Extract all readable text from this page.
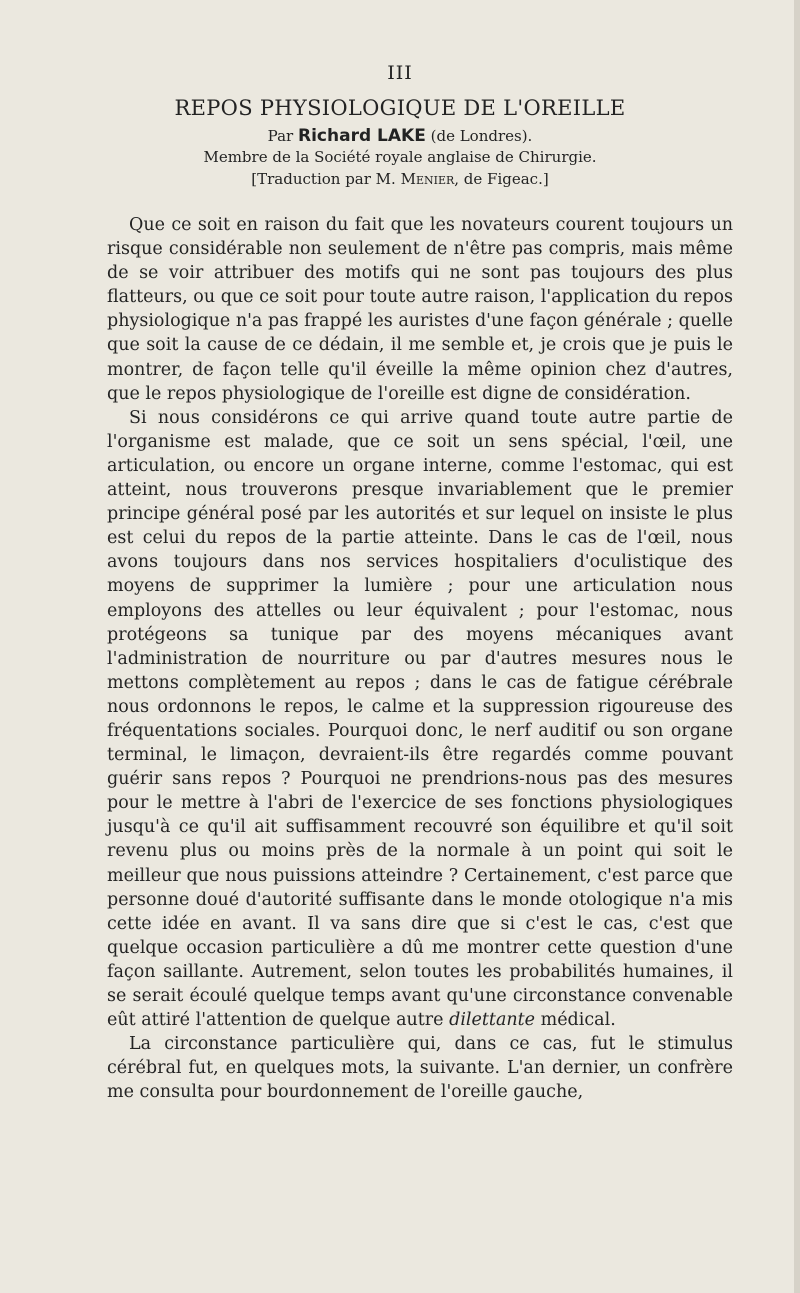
III
REPOS PHYSIOLOGIQUE DE L'OREILLE
Par Richard LAKE (de Londres).
Membre de la Société royale anglaise de Chirurgie.
[Traduction par M. Menier, de Figeac.]

Que ce soit en raison du fait que les novateurs courent toujours un risque considérable non seulement de n'être pas compris, mais même de se voir attribuer des motifs qui ne sont pas toujours des plus flatteurs, ou que ce soit pour toute autre raison, l'application du repos physiologique n'a pas frappé les auristes d'une façon générale ; quelle que soit la cause de ce dédain, il me semble et, je crois que je puis le montrer, de façon telle qu'il éveille la même opinion chez d'autres, que le repos physiologique de l'oreille est digne de considération.

Si nous considérons ce qui arrive quand toute autre partie de l'organisme est malade, que ce soit un sens spécial, l'œil, une articulation, ou encore un organe interne, comme l'estomac, qui est atteint, nous trouverons presque invariablement que le premier principe général posé par les autorités et sur lequel on insiste le plus est celui du repos de la partie atteinte. Dans le cas de l'œil, nous avons toujours dans nos services hospitaliers d'oculistique des moyens de supprimer la lumière ; pour une articulation nous employons des attelles ou leur équivalent ; pour l'estomac, nous protégeons sa tunique par des moyens mécaniques avant l'administration de nourriture ou par d'autres mesures nous le mettons complètement au repos ; dans le cas de fatigue cérébrale nous ordonnons le repos, le calme et la suppression rigoureuse des fréquentations sociales. Pourquoi donc, le nerf auditif ou son organe terminal, le limaçon, devraient-ils être regardés comme pouvant guérir sans repos ? Pourquoi ne prendrions-nous pas des mesures pour le mettre à l'abri de l'exercice de ses fonctions physiologiques jusqu'à ce qu'il ait suffisamment recouvré son équilibre et qu'il soit revenu plus ou moins près de la normale à un point qui soit le meilleur que nous puissions atteindre ? Certainement, c'est parce que personne doué d'autorité suffisante dans le monde otologique n'a mis cette idée en avant. Il va sans dire que si c'est le cas, c'est que quelque occasion particulière a dû me montrer cette question d'une façon saillante. Autrement, selon toutes les probabilités humaines, il se serait écoulé quelque temps avant qu'une circonstance convenable eût attiré l'attention de quelque autre dilettante médical.

La circonstance particulière qui, dans ce cas, fut le stimulus cérébral fut, en quelques mots, la suivante. L'an dernier, un confrère me consulta pour bourdonnement de l'oreille gauche,
